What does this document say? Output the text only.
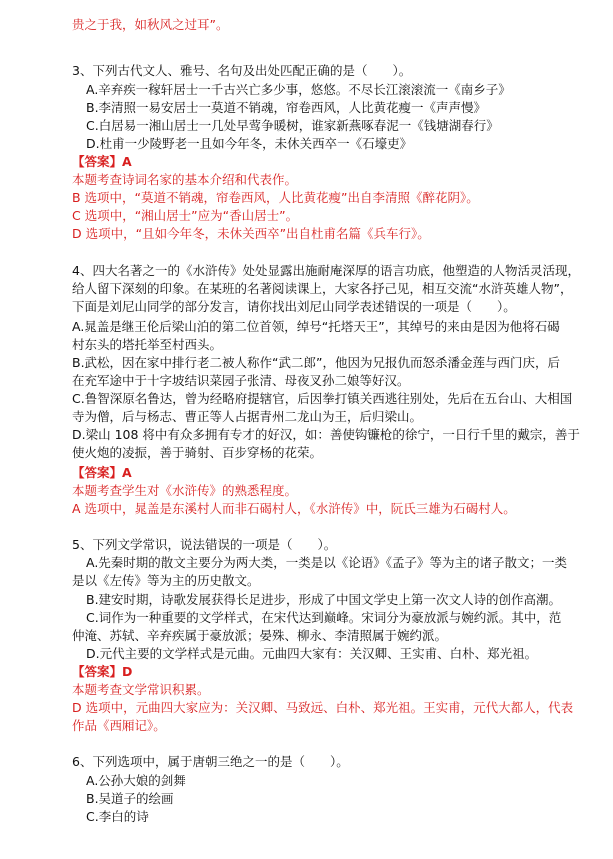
贵之于我，如秋风之过耳”。
3、下列古代文人、雅号、名句及出处匹配正确的是（　　）。
A.辛弃疾一稼轩居士一千古兴亡多少事，悠悠。不尽长江滚滚流一《南乡子》
B.李清照一易安居士一莫道不销魂，帘卷西风，人比黄花瘦一《声声慢》
C.白居易一湘山居士一几处早莺争暖树，谁家新燕啄春泥一《钱塘湖春行》
D.杜甫一少陵野老一且如今年冬，未休关西卒一《石壕吏》
【答案】A
本题考查诗词名家的基本介绍和代表作。
B 选项中，“莫道不销魂，帘卷西风，人比黄花瘦”出自李清照《醉花阴》。
C 选项中，“湘山居士”应为“香山居士”。
D 选项中，“且如今年冬，未休关西卒”出自杜甫名篇《兵车行》。
4、四大名著之一的《水浒传》处处显露出施耐庵深厚的语言功底，他塑造的人物活灵活现，
给人留下深刻的印象。在某班的名著阅读课上，大家各抒己见，相互交流“水浒英雄人物”，
下面是刘尼山同学的部分发言，请你找出刘尼山同学表述错误的一项是（　　）。
A.晁盖是继王伦后梁山泊的第二位首领，绰号“托塔天王”，其绰号的来由是因为他将石碣
村东头的塔托举至村西头。
B.武松，因在家中排行老二被人称作“武二郎”，他因为兄报仇而怒杀潘金莲与西门庆，后
在充军途中于十字坡结识菜园子张清、母夜叉孙二娘等好汉。
C.鲁智深原名鲁达，曾为经略府提辖官，后因拳打镇关西逃往别处，先后在五台山、大相国
寺为僧，后与杨志、曹正等人占据青州二龙山为王，后归梁山。
D.梁山 108 将中有众多拥有专才的好汉，如：善使钩镰枪的徐宁，一日行千里的戴宗，善于
使火炮的凌振，善于骑射、百步穿杨的花荣。
【答案】A
本题考查学生对《水浒传》的熟悉程度。
A 选项中，晁盖是东溪村人而非石碣村人，《水浒传》中，阮氏三雄为石碣村人。
5、下列文学常识，说法错误的一项是（　　）。
A.先秦时期的散文主要分为两大类，一类是以《论语》《孟子》等为主的诸子散文；一类
是以《左传》等为主的历史散文。
B.建安时期，诗歌发展获得长足进步，形成了中国文学史上第一次文人诗的创作高潮。
C.词作为一种重要的文学样式，在宋代达到巅峰。宋词分为豪放派与婉约派。其中，范
仲淹、苏轼、辛弃疾属于豪放派；晏殊、柳永、李清照属于婉约派。
D.元代主要的文学样式是元曲。元曲四大家有：关汉卿、王实甫、白朴、郑光祖。
【答案】D
本题考查文学常识积累。
D 选项中，元曲四大家应为：关汉卿、马致远、白朴、郑光祖。王实甫，元代大都人，代表
作品《西厢记》。
6、下列选项中，属于唐朝三绝之一的是（　　）。
A.公孙大娘的剑舞
B.吴道子的绘画
C.李白的诗
